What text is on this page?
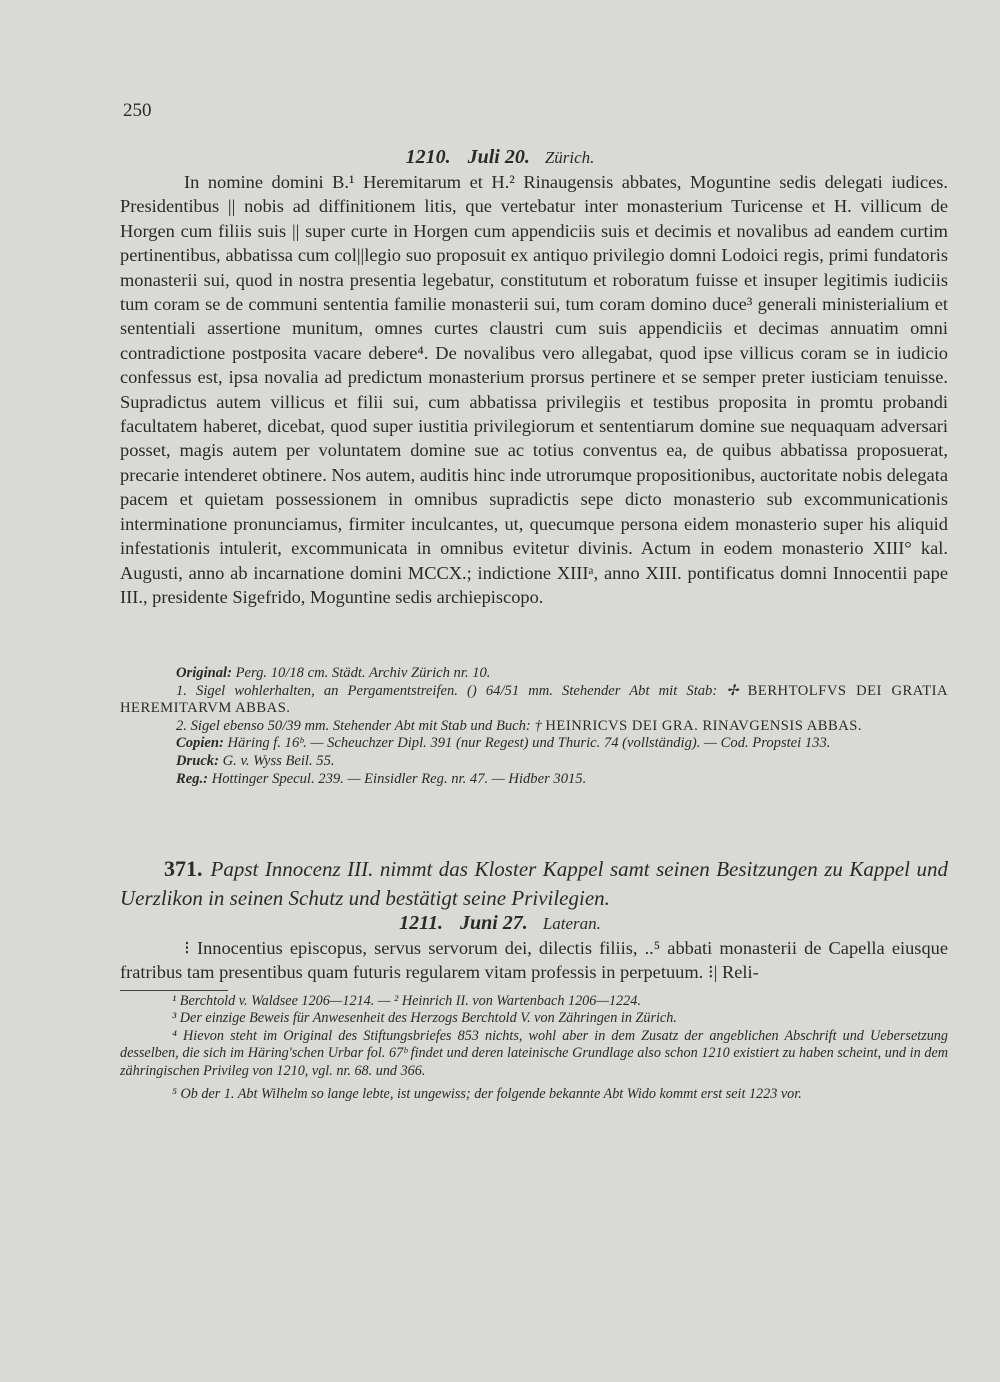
250
1210. Juli 20. Zürich.

In nomine domini B.¹ Heremitarum et H.² Rinaugensis abbates, Moguntine sedis delegati iudices. Presidentibus || nobis ad diffinitionem litis, que vertebatur inter monasterium Turicense et H. villicum de Horgen cum filiis suis || super curte in Horgen cum appendiciis suis et decimis et novalibus ad eandem curtim pertinentibus, abbatissa cum col||legio suo proposuit ex antiquo privilegio domni Lodoici regis, primi fundatoris monasterii sui, quod in nostra presentia legebatur, constitutum et roboratum fuisse et insuper legitimis iudiciis tum coram se de communi sententia familie monasterii sui, tum coram domino duce³ generali ministerialium et sententiali assertione munitum, omnes curtes claustri cum suis appendiciis et decimas annuatim omni contradictione postposita vacare debere⁴. De novalibus vero allegabat, quod ipse villicus coram se in iudicio confessus est, ipsa novalia ad predictum monasterium prorsus pertinere et se semper preter iusticiam tenuisse. Supradictus autem villicus et filii sui, cum abbatissa privilegiis et testibus proposita in promtu probandi facultatem haberet, dicebat, quod super iustitia privilegiorum et sententiarum domine sue nequaquam adversari posset, magis autem per voluntatem domine sue ac totius conventus ea, de quibus abbatissa proposuerat, precarie intenderet obtinere. Nos autem, auditis hinc inde utrorumque propositionibus, auctoritate nobis delegata pacem et quietam possessionem in omnibus supradictis sepe dicto monasterio sub excommunicationis interminatione pronunciamus, firmiter inculcantes, ut, quecumque persona eidem monasterio super his aliquid infestationis intulerit, excommunicata in omnibus evitetur divinis. Actum in eodem monasterio XIII° kal. Augusti, anno ab incarnatione domini MCCX.; indictione XIIIᵃ, anno XIII. pontificatus domni Innocentii pape III., presidente Sigefrido, Moguntine sedis archiepiscopo.

Original: Perg. 10/18 cm. Städt. Archiv Zürich nr. 10.

1. Sigel wohlerhalten, an Pergamentstreifen. () 64/51 mm. Stehender Abt mit Stab: ✢ BERHTOLFVS DEI GRATIA HEREMITARVM ABBAS.

2. Sigel ebenso 50/39 mm. Stehender Abt mit Stab und Buch: † HEINRICVS DEI GRA. RINAVGENSIS ABBAS.

Copien: Häring f. 16ᵇ. — Scheuchzer Dipl. 391 (nur Regest) und Thuric. 74 (vollständig). — Cod. Propstei 133.

Druck: G. v. Wyss Beil. 55.

Reg.: Hottinger Specul. 239. — Einsidler Reg. nr. 47. — Hidber 3015.

371. Papst Innocenz III. nimmt das Kloster Kappel samt seinen Besitzungen zu Kappel und Uerzlikon in seinen Schutz und bestätigt seine Privilegien.
1211. Juni 27. Lateran.

⁝ Innocentius episcopus, servus servorum dei, dilectis filiis, ..⁵ abbati monasterii de Capella eiusque fratribus tam presentibus quam futuris regularem vitam professis in perpetuum. ⁝| Reli-

¹ Berchtold v. Waldsee 1206—1214. — ² Heinrich II. von Wartenbach 1206—1224.

³ Der einzige Beweis für Anwesenheit des Herzogs Berchtold V. von Zähringen in Zürich.

⁴ Hievon steht im Original des Stiftungsbriefes 853 nichts, wohl aber in dem Zusatz der angeblichen Abschrift und Uebersetzung desselben, die sich im Häring'schen Urbar fol. 67ᵇ findet und deren lateinische Grundlage also schon 1210 existiert zu haben scheint, und in dem zähringischen Privileg von 1210, vgl. nr. 68. und 366.

⁵ Ob der 1. Abt Wilhelm so lange lebte, ist ungewiss; der folgende bekannte Abt Wido kommt erst seit 1223 vor.
